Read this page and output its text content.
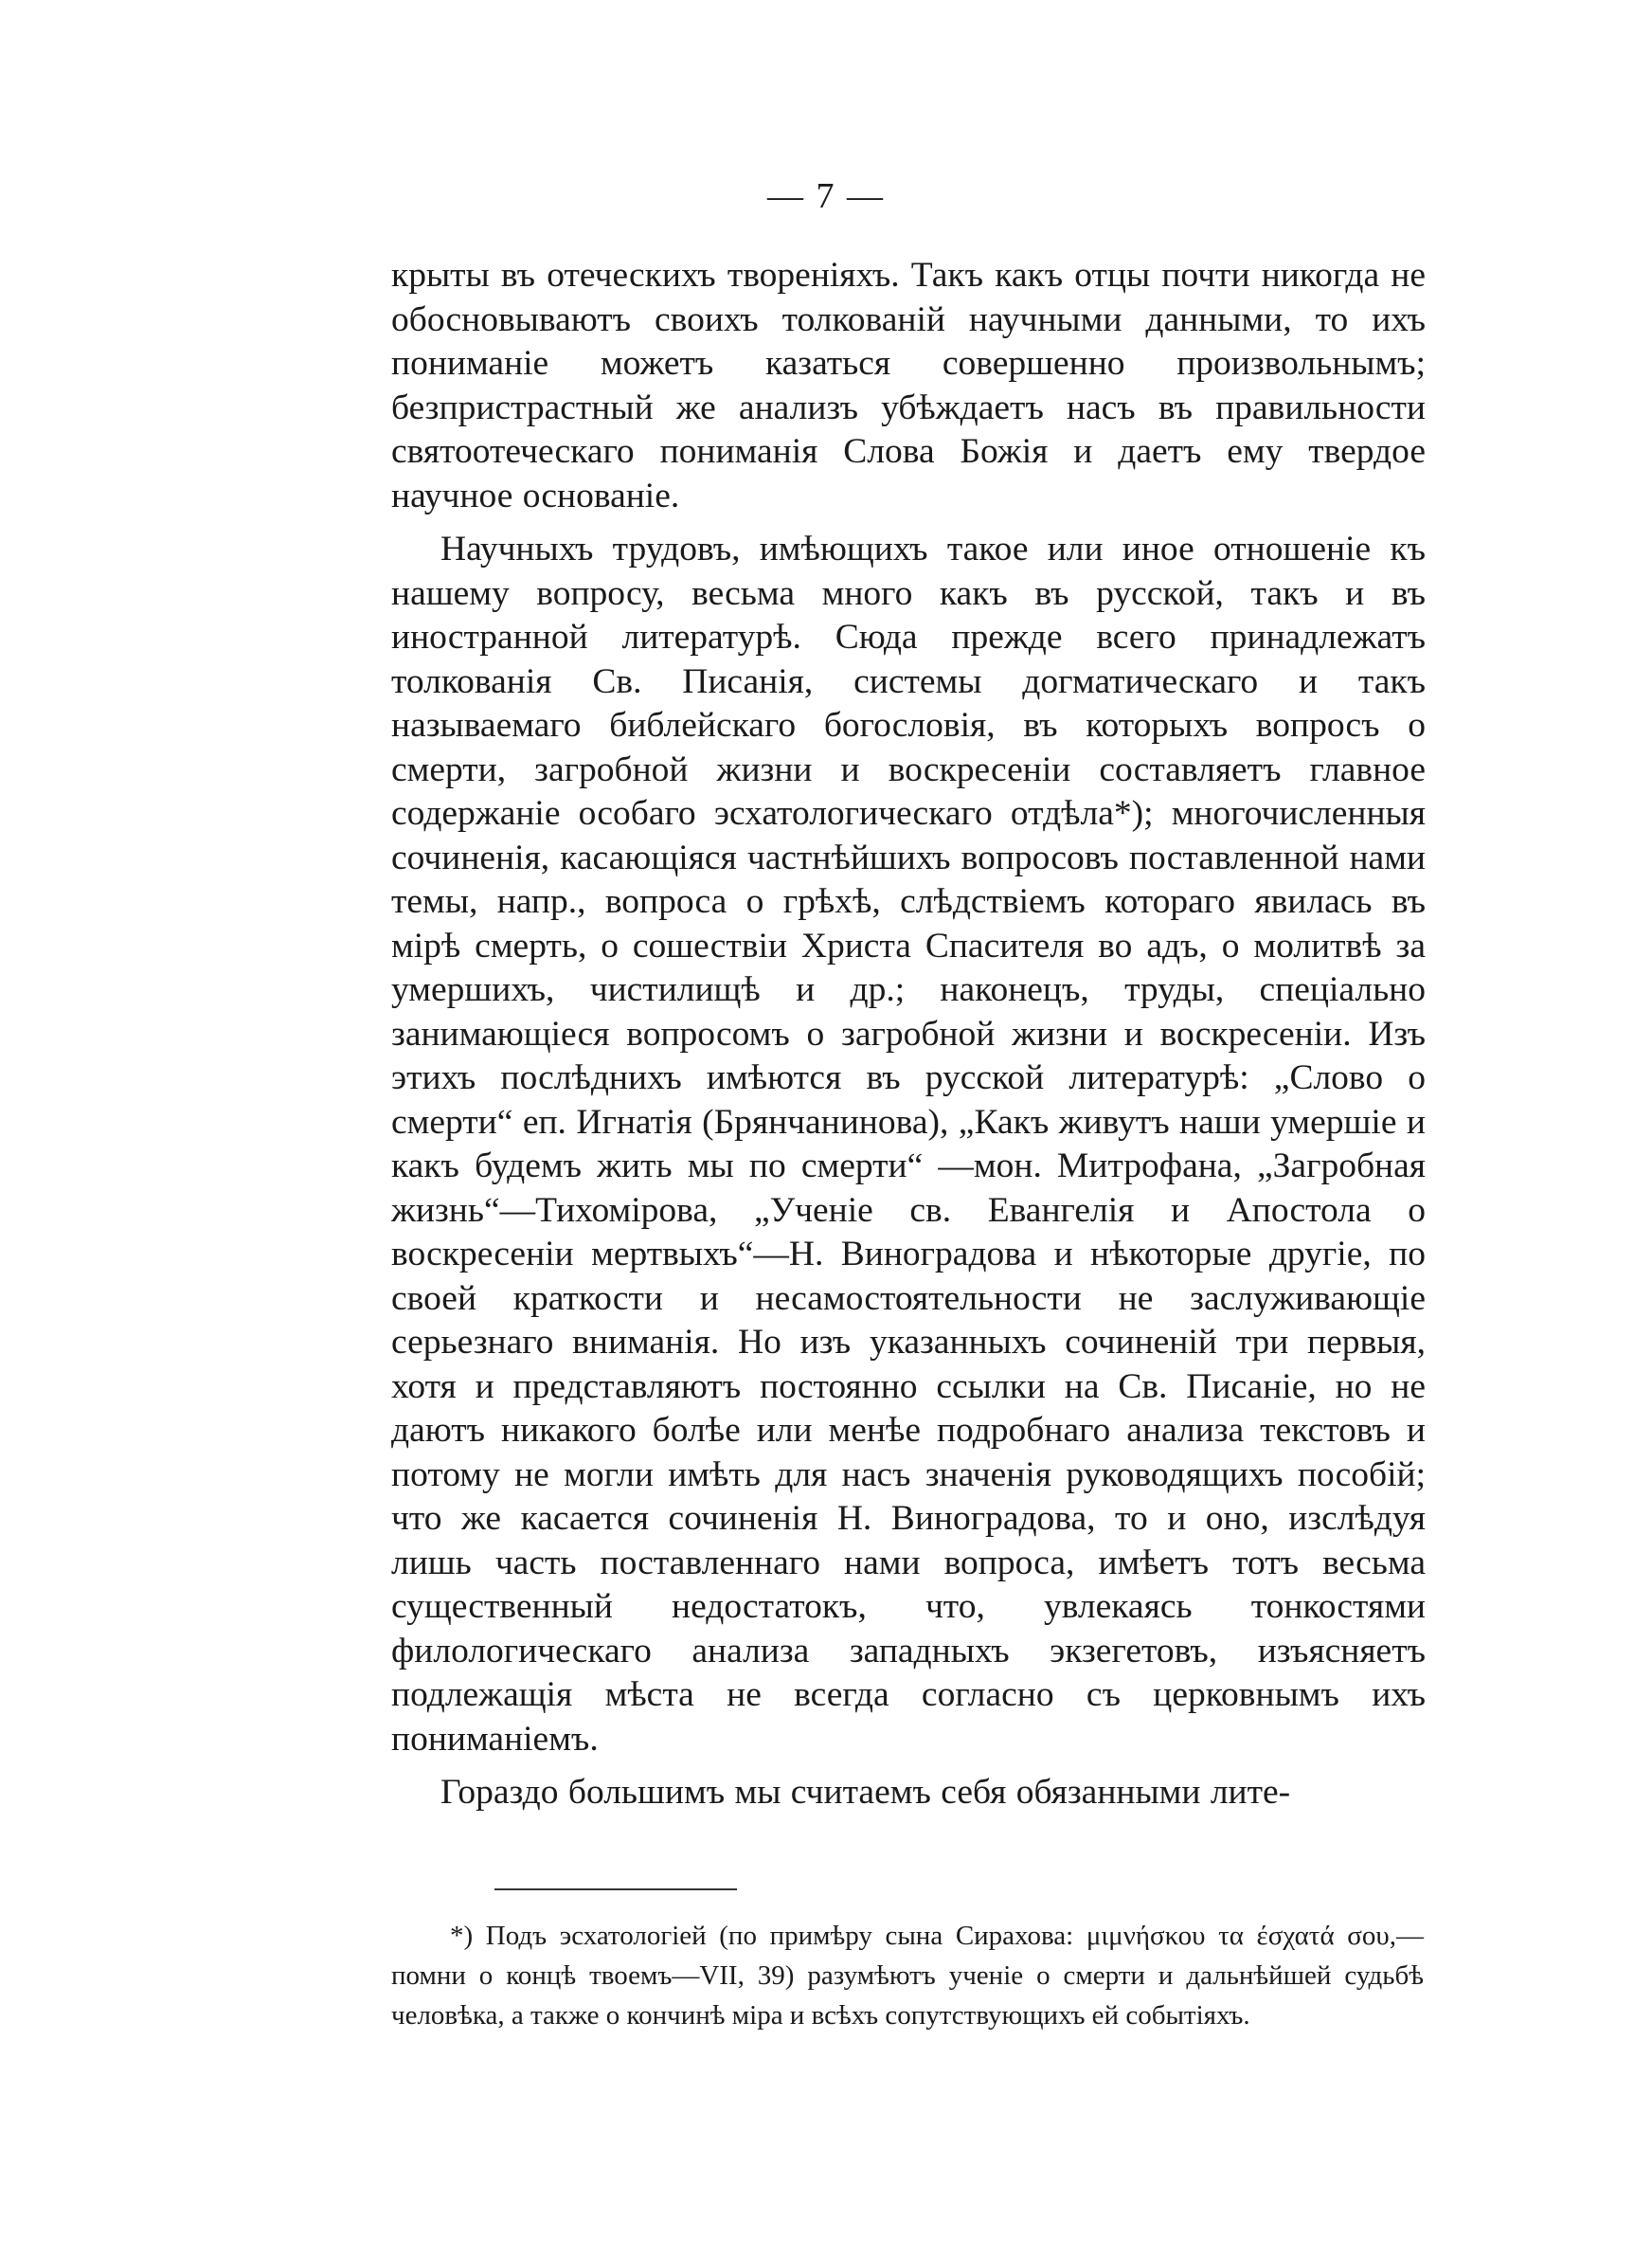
— 7 —

крыты въ отеческихъ твореніяхъ. Такъ какъ отцы почти никогда не обосновываютъ своихъ толкованій научными данными, то ихъ пониманіе можетъ казаться совершенно произвольнымъ; безпристрастный же анализъ убѣждаетъ насъ въ правильности святоотеческаго пониманія Слова Божія и даетъ ему твердое научное основаніе.

Научныхъ трудовъ, имѣющихъ такое или иное отношеніе къ нашему вопросу, весьма много какъ въ русской, такъ и въ иностранной литературѣ. Сюда прежде всего принадлежатъ толкованія Св. Писанія, системы догматическаго и такъ называемаго библейскаго богословія, въ которыхъ вопросъ о смерти, загробной жизни и воскресеніи составляетъ главное содержаніе особаго эсхатологическаго отдѣла*); многочисленныя сочиненія, касающіяся частнѣйшихъ вопросовъ поставленной нами темы, напр., вопроса о грѣхѣ, слѣдствіемъ котораго явилась въ мірѣ смерть, о сошествіи Христа Спасителя во адъ, о молитвѣ за умершихъ, чистилищѣ и др.; наконецъ, труды, спеціально занимающіеся вопросомъ о загробной жизни и воскресеніи. Изъ этихъ послѣднихъ имѣются въ русской литературѣ: „Слово о смерти“ еп. Игнатія (Брянчанинова), „Какъ живутъ наши умершіе и какъ будемъ жить мы по смерти“ —мон. Митрофана, „Загробная жизнь“—Тихомірова, „Ученіе св. Евангелія и Апостола о воскресеніи мертвыхъ“—Н. Виноградова и нѣкоторые другіе, по своей краткости и несамостоятельности не заслуживающіе серьезнаго вниманія. Но изъ указанныхъ сочиненій три первыя, хотя и представляютъ постоянно ссылки на Св. Писаніе, но не даютъ никакого болѣе или менѣе подробнаго анализа текстовъ и потому не могли имѣть для насъ значенія руководящихъ пособій; что же касается сочиненія Н. Виноградова, то и оно, изслѣдуя лишь часть поставленнаго нами вопроса, имѣетъ тотъ весьма существенный недостатокъ, что, увлекаясь тонкостями филологическаго анализа западныхъ экзегетовъ, изъясняетъ подлежащія мѣста не всегда согласно съ церковнымъ ихъ пониманіемъ.

Гораздо большимъ мы считаемъ себя обязанными лите-

*) Подъ эсхатологіей (по примѣру сына Сирахова: μιμνήσκου τα έσχατά σου,—помни о концѣ твоемъ—VII, 39) разумѣютъ ученіе о смерти и дальнѣйшей судьбѣ человѣка, а также о кончинѣ міра и всѣхъ сопутствующихъ ей событіяхъ.
